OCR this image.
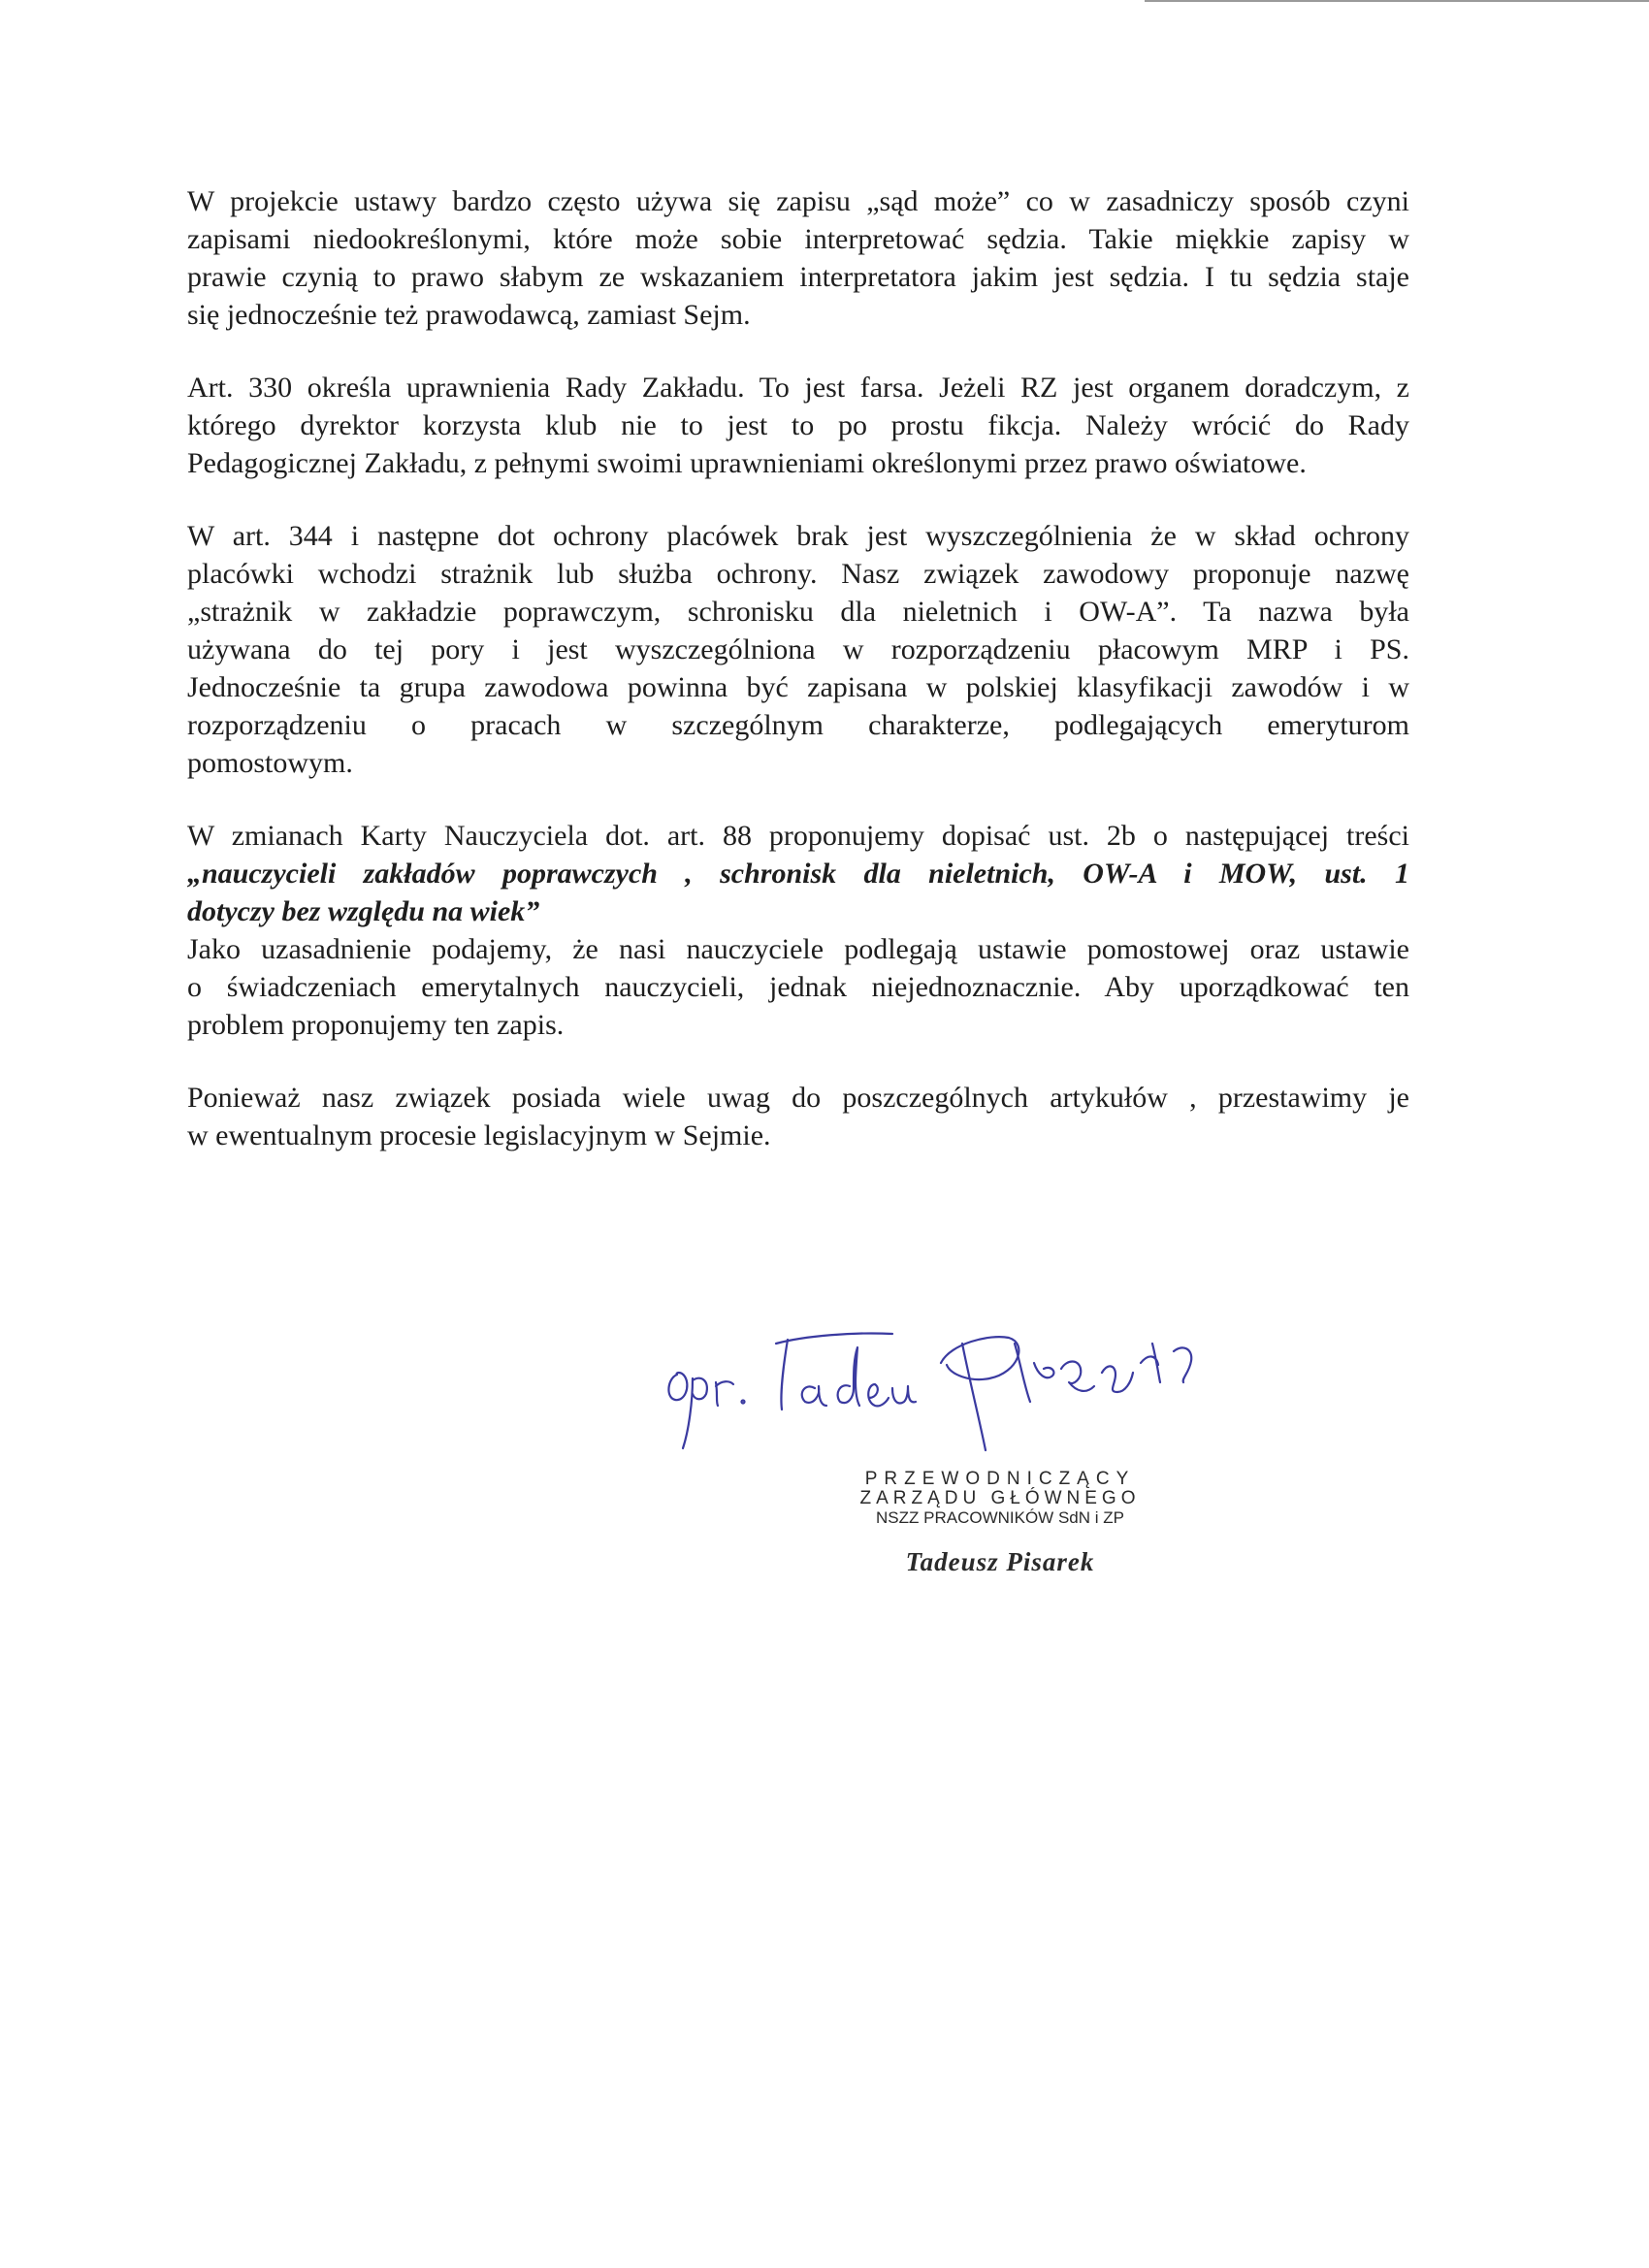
W projekcie ustawy bardzo często używa się zapisu „sąd może” co w zasadniczy sposób czyni
zapisami niedookreślonymi, które może sobie interpretować sędzia. Takie miękkie zapisy w
prawie czynią to prawo słabym ze wskazaniem interpretatora jakim jest sędzia. I tu sędzia staje
się jednocześnie też prawodawcą, zamiast Sejm.
Art. 330 określa uprawnienia Rady Zakładu. To jest farsa. Jeżeli RZ jest organem doradczym, z
którego dyrektor korzysta klub nie to jest to po prostu fikcja. Należy wrócić do Rady
Pedagogicznej Zakładu, z pełnymi swoimi uprawnieniami określonymi przez prawo oświatowe.
W art. 344 i następne dot ochrony placówek brak jest wyszczególnienia że w skład ochrony
placówki wchodzi strażnik lub służba ochrony. Nasz związek zawodowy proponuje nazwę
„strażnik w zakładzie poprawczym, schronisku dla nieletnich i OW-A”. Ta nazwa była
używana do tej pory i jest wyszczególniona w rozporządzeniu płacowym MRP i PS.
Jednocześnie ta grupa zawodowa powinna być zapisana w polskiej klasyfikacji zawodów i w
rozporządzeniu o pracach w szczególnym charakterze, podlegających emeryturom
pomostowym.
W zmianach Karty Nauczyciela dot. art. 88 proponujemy dopisać ust. 2b o następującej treści
„nauczycieli zakładów poprawczych , schronisk dla nieletnich, OW-A i MOW, ust. 1
dotyczy bez względu na wiek”
Jako uzasadnienie podajemy, że nasi nauczyciele podlegają ustawie pomostowej oraz ustawie
o świadczeniach emerytalnych nauczycieli, jednak niejednoznacznie. Aby uporządkować ten
problem proponujemy ten zapis.
Ponieważ nasz związek posiada wiele uwag do poszczególnych artykułów , przestawimy je
w ewentualnym procesie legislacyjnym w Sejmie.
PRZEWODNICZĄCY
ZARZĄDU GŁÓWNEGO
NSZZ PRACOWNIKÓW SdN i ZP
Tadeusz Pisarek
